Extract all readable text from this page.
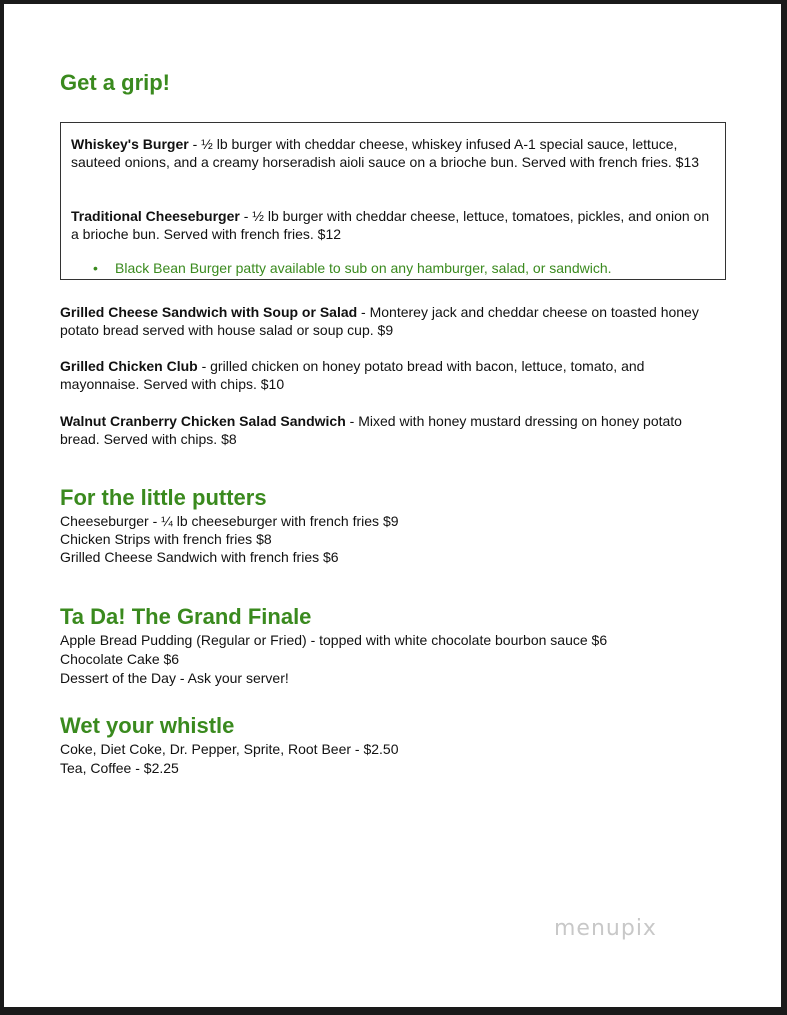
Get a grip!

Whiskey's Burger - ½ lb burger with cheddar cheese, whiskey infused A-1 special sauce, lettuce, sauteed onions, and a creamy horseradish aioli sauce on a brioche bun. Served with french fries. $13

Traditional Cheeseburger - ½ lb burger with cheddar cheese, lettuce, tomatoes, pickles, and onion on a brioche bun. Served with french fries. $12

• Black Bean Burger patty available to sub on any hamburger, salad, or sandwich.

Grilled Cheese Sandwich with Soup or Salad - Monterey jack and cheddar cheese on toasted honey potato bread served with house salad or soup cup. $9

Grilled Chicken Club - grilled chicken on honey potato bread with bacon, lettuce, tomato, and mayonnaise. Served with chips. $10

Walnut Cranberry Chicken Salad Sandwich - Mixed with honey mustard dressing on honey potato bread. Served with chips. $8

For the little putters

Cheeseburger - ¼ lb cheeseburger with french fries $9

Chicken Strips with french fries $8

Grilled Cheese Sandwich with french fries $6

Ta Da! The Grand Finale

Apple Bread Pudding (Regular or Fried) - topped with white chocolate bourbon sauce $6

Chocolate Cake $6

Dessert of the Day - Ask your server!

Wet your whistle

Coke, Diet Coke, Dr. Pepper, Sprite, Root Beer - $2.50

Tea, Coffee - $2.25

menupix
